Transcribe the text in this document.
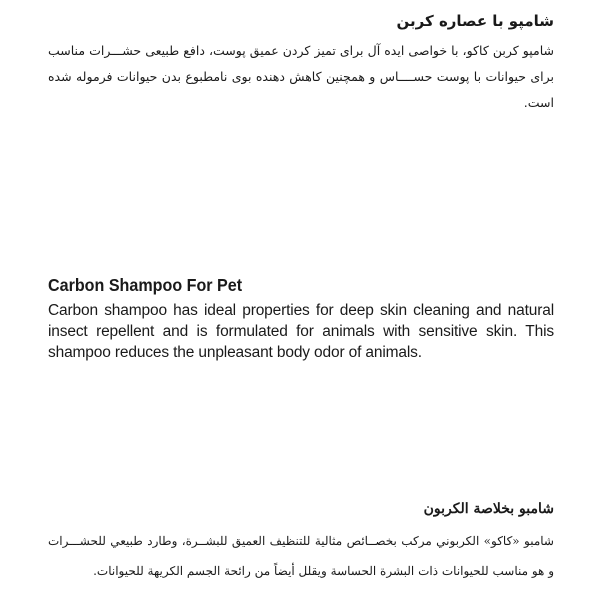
شامپو با عصاره کربن
شامپو کربن کاکو، با خواصی ایده آل برای تمیز کردن عمیق پوست، دافع طبیعی حشـــرات مناسب برای حیوانات با پوست حســــاس و همچنین کاهش دهنده بوی نامطبوع بدن حیوانات فرموله شده است.
Carbon Shampoo For Pet
Carbon shampoo has ideal properties for deep skin cleaning and natural insect repellent and is formulated for animals with sensitive skin. This shampoo reduces the unpleasant body odor of animals.
شامبو بخلاصة الكربون
شامبو «كاكو» الكربوني مركب بخصــائص مثالية للتنظيف العميق للبشــرة، وطارد طبيعي للحشـــرات و هو مناسب للحيوانات ذات البشرة الحساسة ويقلل أيضاً من رائحة الجسم الكريهة للحيوانات.
